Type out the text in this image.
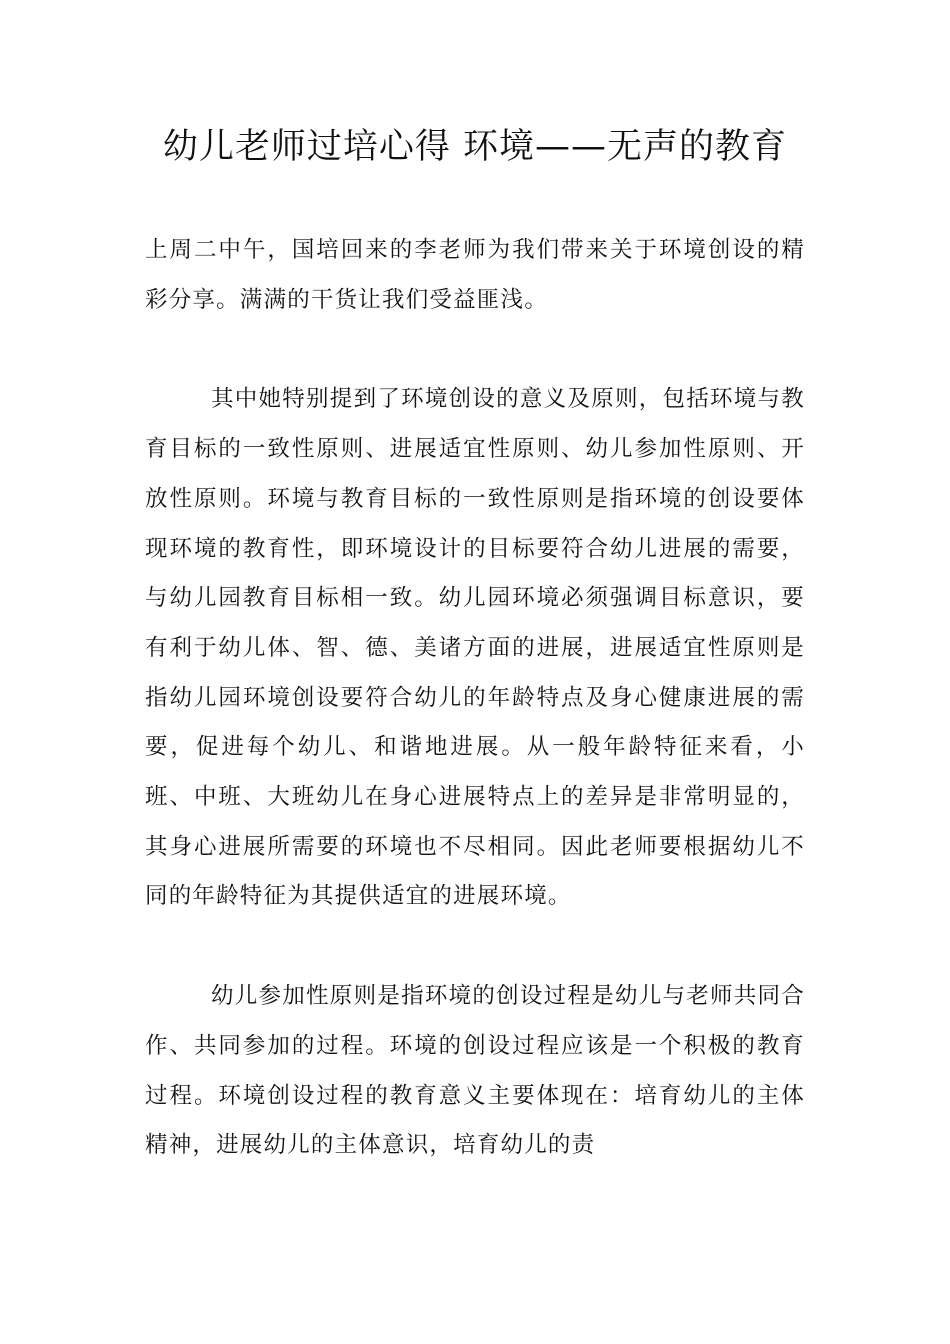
幼儿老师过培心得 环境——无声的教育

上周二中午，国培回来的李老师为我们带来关于环境创设的精彩分享。满满的干货让我们受益匪浅。

其中她特别提到了环境创设的意义及原则，包括环境与教育目标的一致性原则、进展适宜性原则、幼儿参加性原则、开放性原则。环境与教育目标的一致性原则是指环境的创设要体现环境的教育性，即环境设计的目标要符合幼儿进展的需要，与幼儿园教育目标相一致。幼儿园环境必须强调目标意识，要有利于幼儿体、智、德、美诸方面的进展，进展适宜性原则是指幼儿园环境创设要符合幼儿的年龄特点及身心健康进展的需要，促进每个幼儿、和谐地进展。从一般年龄特征来看，小班、中班、大班幼儿在身心进展特点上的差异是非常明显的，其身心进展所需要的环境也不尽相同。因此老师要根据幼儿不同的年龄特征为其提供适宜的进展环境。

幼儿参加性原则是指环境的创设过程是幼儿与老师共同合作、共同参加的过程。环境的创设过程应该是一个积极的教育过程。环境创设过程的教育意义主要体现在：培育幼儿的主体精神，进展幼儿的主体意识，培育幼儿的责
